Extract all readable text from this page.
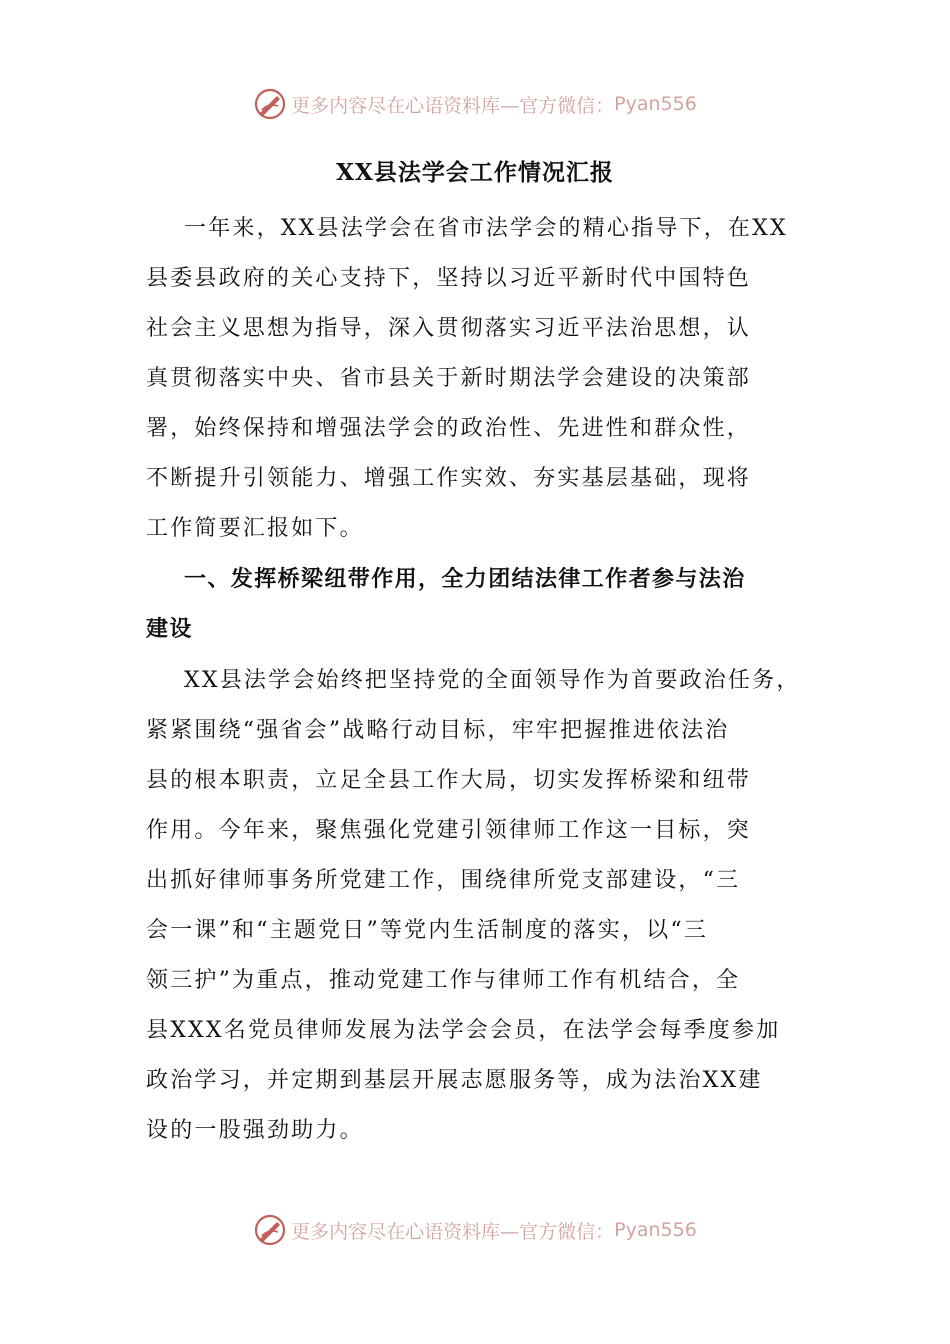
更多内容尽在心语资料库—官方微信： Pyan556
XX县法学会工作情况汇报

一年来，XX县法学会在省市法学会的精心指导下，在XX
县委县政府的关心支持下，坚持以习近平新时代中国特色
社会主义思想为指导，深入贯彻落实习近平法治思想，认
真贯彻落实中央、省市县关于新时期法学会建设的决策部
署，始终保持和增强法学会的政治性、先进性和群众性，
不断提升引领能力、增强工作实效、夯实基层基础，现将
工作简要汇报如下。

一、发挥桥梁纽带作用，全力团结法律工作者参与法治
建设

XX县法学会始终把坚持党的全面领导作为首要政治任务，
紧紧围绕“强省会”战略行动目标，牢牢把握推进依法治
县的根本职责，立足全县工作大局，切实发挥桥梁和纽带
作用。今年来，聚焦强化党建引领律师工作这一目标，突
出抓好律师事务所党建工作，围绕律所党支部建设，“三
会一课”和“主题党日”等党内生活制度的落实，以“三
领三护”为重点，推动党建工作与律师工作有机结合，全
县XXX名党员律师发展为法学会会员，在法学会每季度参加
政治学习，并定期到基层开展志愿服务等，成为法治XX建
设的一股强劲助力。

更多内容尽在心语资料库—官方微信： Pyan556
